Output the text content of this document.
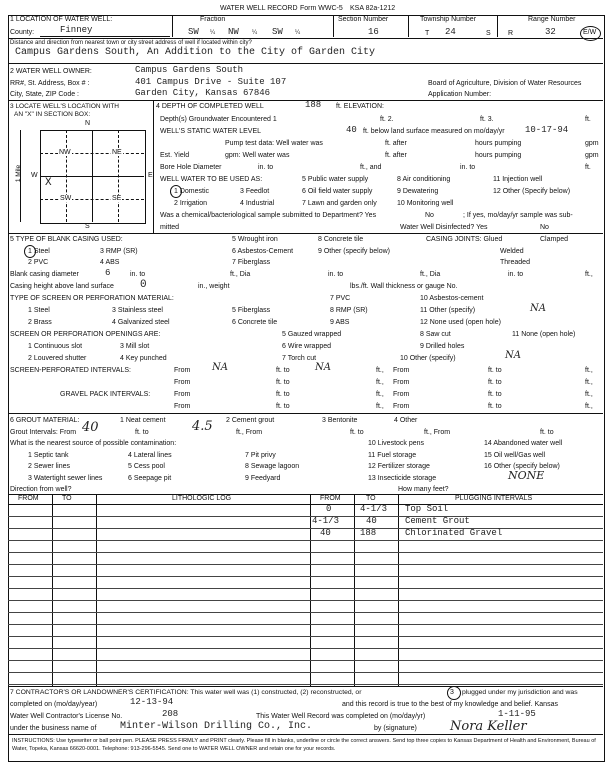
WATER WELL RECORD Form WWC-5 KSA 82a-1212
1 LOCATION OF WATER WELL:	Fraction
County:	Finney	SW ¼ NW ¼ SW ¼
Section Number
16
Township Number
T 24	S
Range Number
R	32	E/W
Distance and direction from nearest town or city street address of well if located within city?
Campus Gardens South, An Addition to the City of Garden City
2 WATER WELL OWNER:	Campus Gardens South
RR#, St. Address, Box # :	401 Campus Drive - Suite 107
City, State, ZIP Code :	Garden City, Kansas 67846
Board of Agriculture, Division of Water Resources
Application Number:
3 LOCATE WELL'S LOCATION WITH
AN "X" IN SECTION BOX:
N
S
W	E
NW	NE
SW	SE
X
1 Mile
4 DEPTH OF COMPLETED WELL	188 ft. ELEVATION:
Depth(s) Groundwater Encountered 1	ft. 2.	ft. 3.	ft.
WELL'S STATIC WATER LEVEL	40 ft. below land surface measured on mo/day/yr 10-17-94
Pump test data: Well water was	ft. after	hours pumping	gpm
Est. Yield	gpm: Well water was	ft. after	hours pumping	gpm
Bore Hole Diameter	in. to	ft., and	in. to	ft.
WELL WATER TO BE USED AS:	5 Public water supply	8 Air conditioning	11 Injection well
1 Domestic	3 Feedlot	6 Oil field water supply	9 Dewatering	12 Other (Specify below)
2 Irrigation	4 Industrial	7 Lawn and garden only	10 Monitoring well
Was a chemical/bacteriological sample submitted to Department? Yes	No	; If yes, mo/day/yr sample was sub-
mitted	Water Well Disinfected? Yes	No
5 TYPE OF BLANK CASING USED:	5 Wrought iron	8 Concrete tile	CASING JOINTS: Glued	Clamped
1 Steel	3 RMP (SR)	6 Asbestos-Cement	9 Other (specify below)	Welded
2 PVC	4 ABS	7 Fiberglass	Threaded
Blank casing diameter	6	in. to	ft., Dia	in. to	ft., Dia	in. to	ft.,
Casing height above land surface 0	in., weight	lbs./ft. Wall thickness or gauge No.
TYPE OF SCREEN OR PERFORATION MATERIAL:	7 PVC	10 Asbestos-cement
1 Steel	3 Stainless steel	5 Fiberglass	8 RMP (SR)	11 Other (specify)	NA
2 Brass	4 Galvanized steel	6 Concrete tile	9 ABS	12 None used (open hole)
SCREEN OR PERFORATION OPENINGS ARE:	5 Gauzed wrapped	8 Saw cut	11 None (open hole)
1 Continuous slot	3 Mill slot	6 Wire wrapped	9 Drilled holes
2 Louvered shutter	4 Key punched	7 Torch cut	10 Other (specify)	NA
SCREEN-PERFORATED INTERVALS:	From NA	ft. to	NA	ft., From	ft. to	ft.,
From	ft. to	ft., From	ft. to	ft.,
GRAVEL PACK INTERVALS:	From	ft. to	ft., From	ft. to	ft.,
From	ft. to	ft., From	ft. to	ft.,
6 GROUT MATERIAL:	1 Neat cement	2 Cement grout	3 Bentonite	4 Other
Grout Intervals: From 40	ft. to	4.5	ft., From	ft. to	ft., From	ft. to
What is the nearest source of possible contamination:	10 Livestock pens	14 Abandoned water well
1 Septic tank	4 Lateral lines	7 Pit privy	11 Fuel storage	15 Oil well/Gas well
2 Sewer lines	5 Cess pool	8 Sewage lagoon	12 Fertilizer storage	16 Other (specify below)
3 Watertight sewer lines	6 Seepage pit	9 Feedyard	13 Insecticide storage	NONE
Direction from well?	How many feet?
FROM	TO	LITHOLOGIC LOG	FROM	TO	PLUGGING INTERVALS
0	4-1/3 Top Soil
4-1/3	40	Cement Grout
40	188	Chlorinated Gravel
7 CONTRACTOR'S OR LANDOWNER'S CERTIFICATION: This water well was (1) constructed, (2) reconstructed, or	3 plugged under my jurisdiction and was
completed on (mo/day/year)	12-13-94	and this record is true to the best of my knowledge and belief. Kansas
Water Well Contractor's License No.	208	This Water Well Record was completed on (mo/day/yr)	1-11-95
under the business name of Minter-Wilson Drilling Co., Inc.	by (signature)	Nora Keller
INSTRUCTIONS: Use typewriter or ball point pen. PLEASE PRESS FIRMLY and PRINT clearly. Please fill in blanks, underline or circle the correct answers. Send top three copies to Kansas Department of Health and Environment, Bureau of Water, Topeka, Kansas 66620-0001. Telephone: 913-296-5545. Send one to WATER WELL OWNER and retain one for your records.
